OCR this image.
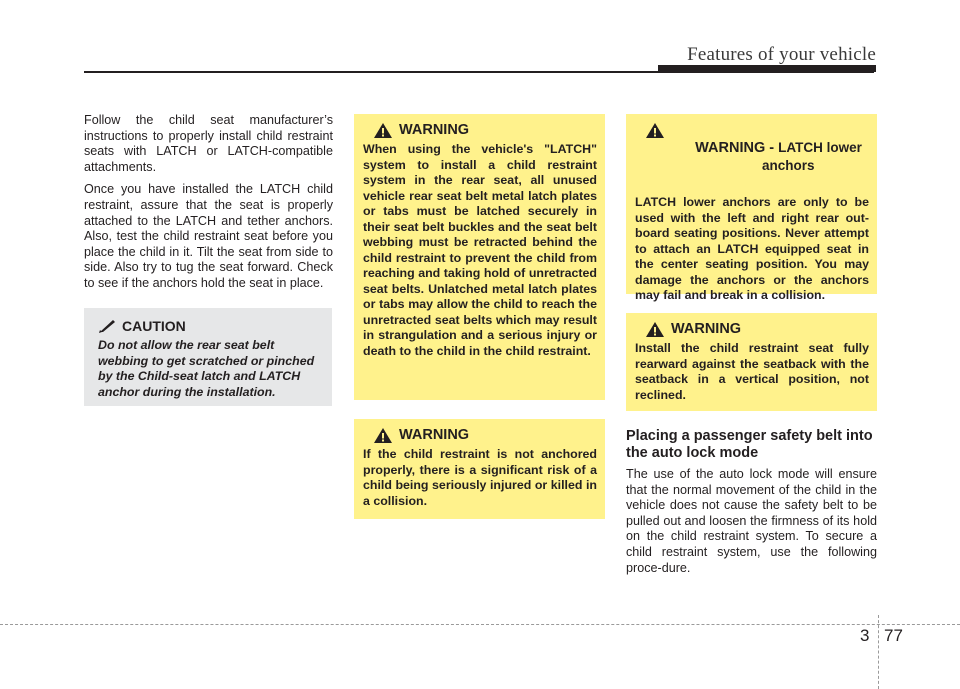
Features of your vehicle

Follow the child seat manufacturer’s instructions to properly install child restraint seats with LATCH or LATCH-compatible attachments.

Once you have installed the LATCH child restraint, assure that the seat is properly attached to the LATCH and tether anchors. Also, test the child restraint seat before you place the child in it. Tilt the seat from side to side. Also try to tug the seat forward. Check to see if the anchors hold the seat in place.

CAUTION
Do not allow the rear seat belt webbing to get scratched or pinched by the Child-seat latch and LATCH anchor during the installation.
WARNING
When using the vehicle's "LATCH" system to install a child restraint system in the rear seat, all unused vehicle rear seat belt metal latch plates or tabs must be latched securely in their seat belt buckles and the seat belt webbing must be retracted behind the child restraint to prevent the child from reaching and taking hold of unretracted seat belts. Unlatched metal latch plates or tabs may allow the child to reach the unretracted seat belts which may result in strangulation and a serious injury or death to the child in the child restraint.
WARNING
If the child restraint is not anchored properly, there is a significant risk of a child being seriously injured or killed in a collision.

WARNING - LATCH lower
anchors

LATCH lower anchors are only to be used with the left and right rear out-board seating positions. Never attempt to attach an LATCH equipped seat in the center seating position. You may damage the anchors or the anchors may fail and break in a collision.
WARNING
Install the child restraint seat fully rearward against the seatback with the seatback in a vertical position, not reclined.
Placing a passenger safety belt into the auto lock mode
The use of the auto lock mode will ensure that the normal movement of the child in the vehicle does not cause the safety belt to be pulled out and loosen the firmness of its hold on the child restraint system. To secure a child restraint system, use the following proce-dure.
3 77
